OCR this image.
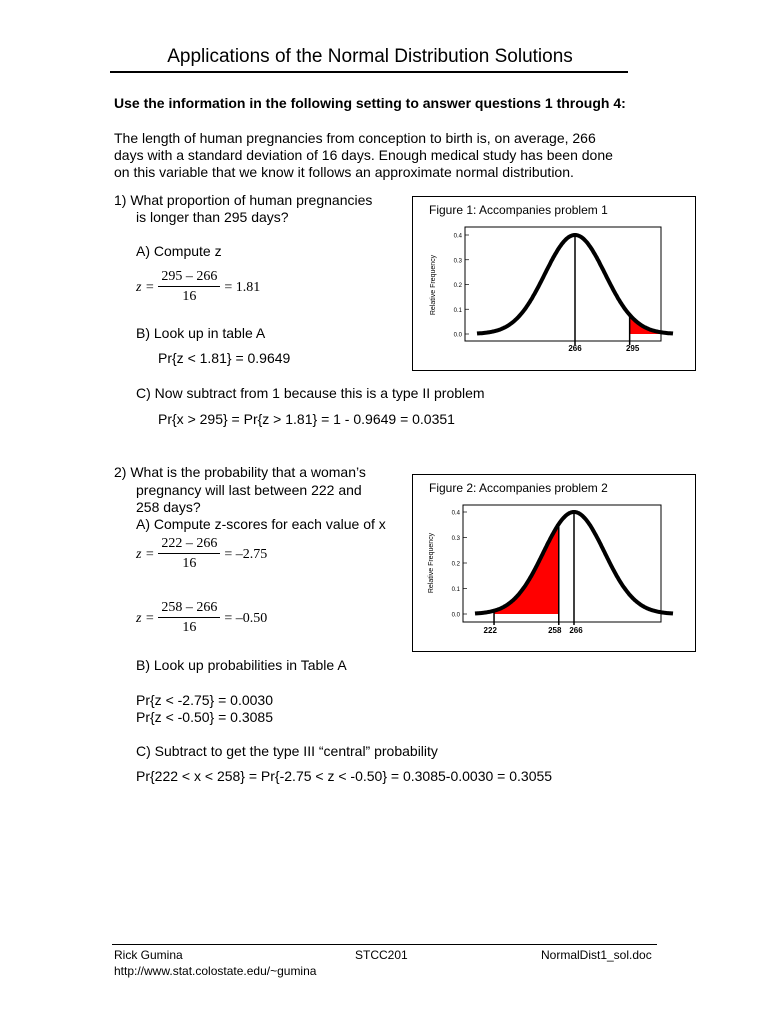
Applications of the Normal Distribution Solutions
Use the information in the following setting to answer questions 1 through 4:
The length of human pregnancies from conception to birth is, on average, 266
days with a standard deviation of 16 days. Enough medical study has been done
on this variable that we know it follows an approximate normal distribution.
1) What proportion of human pregnancies
is longer than 295 days?
A) Compute z
$z = \frac{295 - 266}{16} = 1.81$
B) Look up in table A
Pr{z < 1.81} = 0.9649
C) Now subtract from 1 because this is a type II problem
Pr{x > 295} = Pr{z > 1.81} = 1 - 0.9649 = 0.0351
Figure 1: Accompanies problem 1
Relative Frequency
0.4
0.3
0.2
0.1
0.0
266	295
2) What is the probability that a woman’s
pregnancy will last between 222 and
258 days?
A) Compute z-scores for each value of x
$z = \frac{222 - 266}{16} = -2.75$
$z = \frac{258 - 266}{16} = -0.50$
B) Look up probabilities in Table A
Pr{z < -2.75} = 0.0030
Pr{z < -0.50} = 0.3085
C) Subtract to get the type III “central” probability
Pr{222 < x < 258} = Pr{-2.75 < z < -0.50} = 0.3085-0.0030 = 0.3055
Figure 2: Accompanies problem 2
Relative Frequency
0.4
0.3
0.2
0.1
0.0
222	258 266
Rick Gumina	STCC201	NormalDist1_sol.doc
http://www.stat.colostate.edu/~gumina
